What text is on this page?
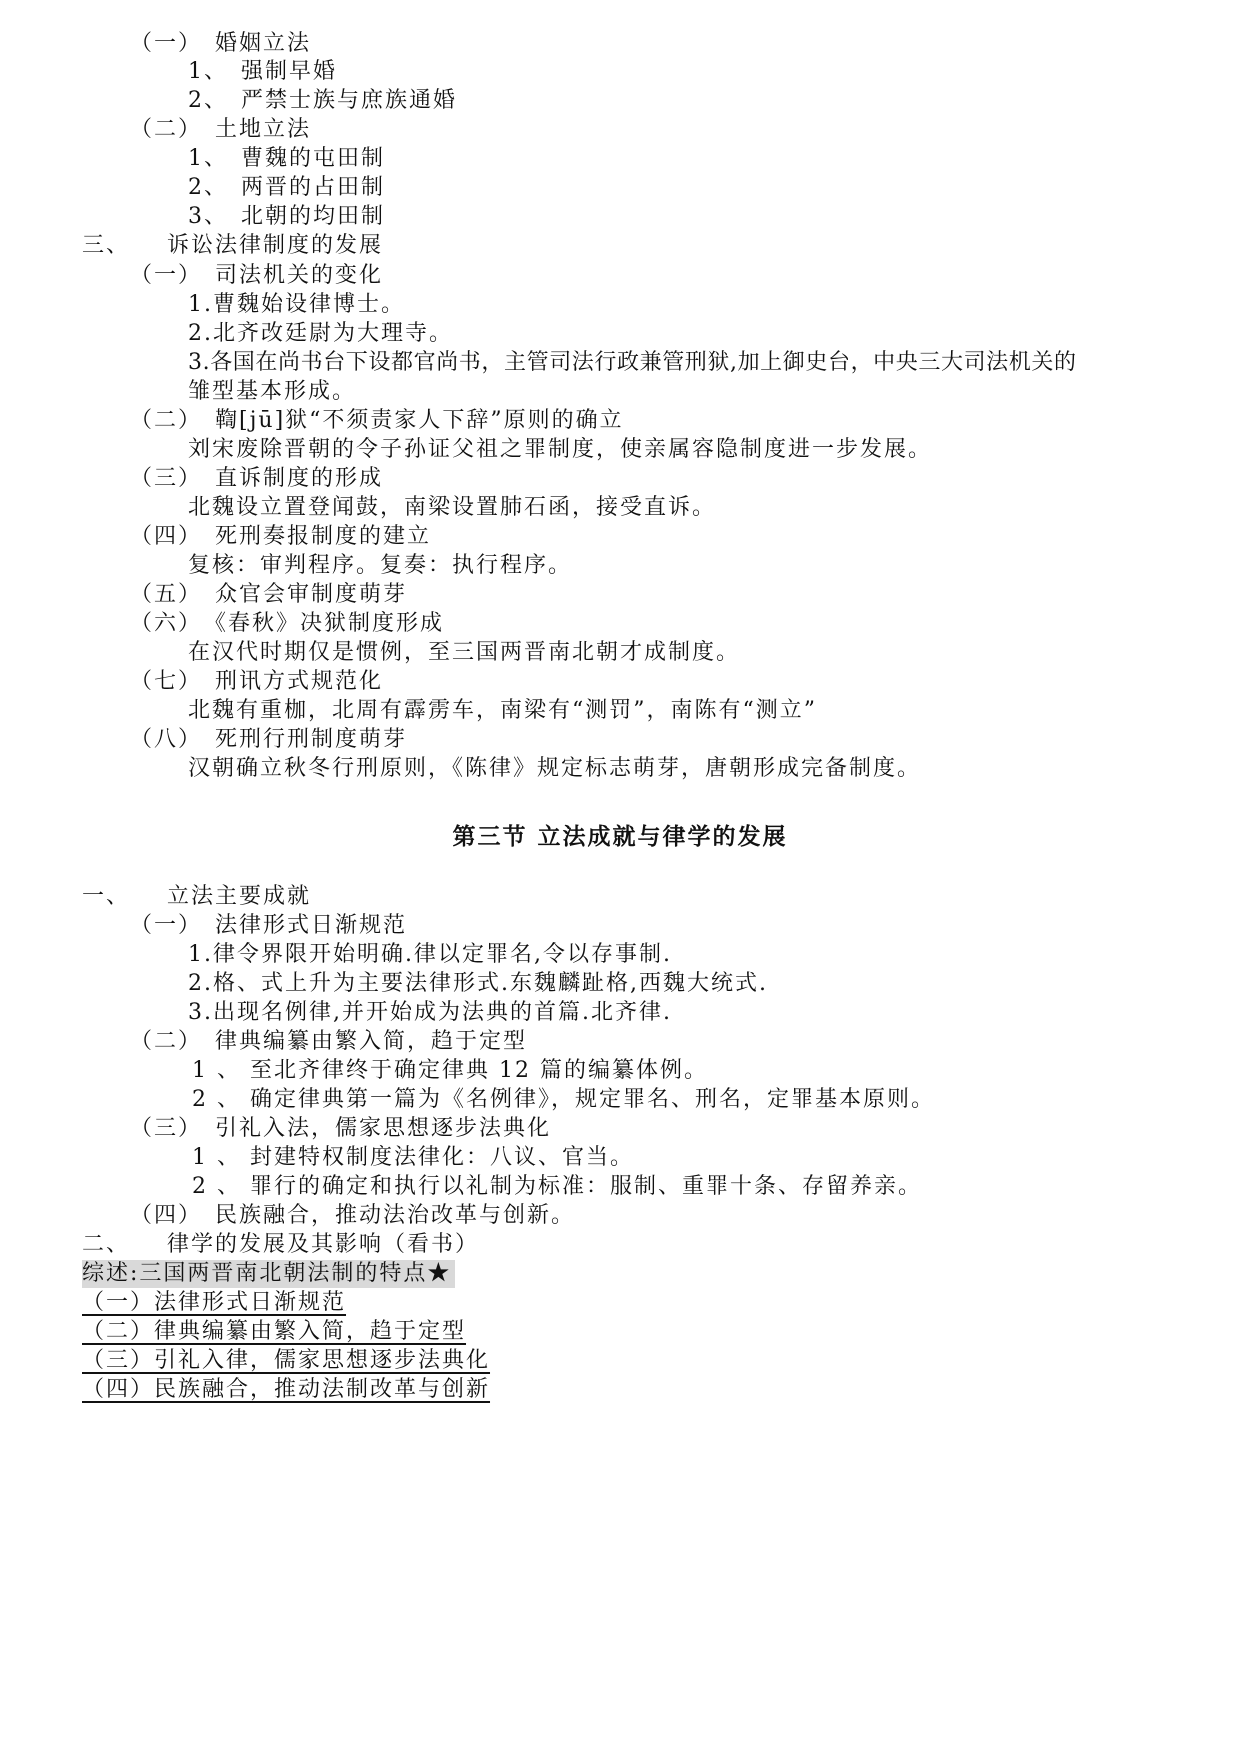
（一）　婚姻立法
1、　强制早婚
2、　严禁士族与庶族通婚
（二）　土地立法
1、　曹魏的屯田制
2、　两晋的占田制
3、　北朝的均田制
三、　　诉讼法律制度的发展
（一）　司法机关的变化
1.曹魏始设律博士。
2.北齐改廷尉为大理寺。
3.各国在尚书台下设都官尚书，主管司法行政兼管刑狱,加上御史台，中央三大司法机关的
雏型基本形成。
（二）　鞫[jū]狱“不须责家人下辞”原则的确立
刘宋废除晋朝的令子孙证父祖之罪制度，使亲属容隐制度进一步发展。
（三）　直诉制度的形成
北魏设立置登闻鼓，南梁设置肺石函，接受直诉。
（四）　死刑奏报制度的建立
复核：审判程序。复奏：执行程序。
（五）　众官会审制度萌芽
（六）　《春秋》决狱制度形成
在汉代时期仅是惯例，至三国两晋南北朝才成制度。
（七）　刑讯方式规范化
北魏有重枷，北周有霹雳车，南梁有“测罚”，南陈有“测立”
（八）　死刑行刑制度萌芽
汉朝确立秋冬行刑原则，《陈律》规定标志萌芽，唐朝形成完备制度。
第三节 立法成就与律学的发展
一、　　立法主要成就
（一）　法律形式日渐规范
1.律令界限开始明确.律以定罪名,令以存事制.
2.格、式上升为主要法律形式.东魏麟趾格,西魏大统式.
3.出现名例律,并开始成为法典的首篇.北齐律.
（二）　律典编纂由繁入简，趋于定型
1 、 至北齐律终于确定律典 12 篇的编纂体例。
2 、 确定律典第一篇为《名例律》，规定罪名、刑名，定罪基本原则。
（三）　引礼入法，儒家思想逐步法典化
1 、 封建特权制度法律化：八议、官当。
2 、 罪行的确定和执行以礼制为标准：服制、重罪十条、存留养亲。
（四）　民族融合，推动法治改革与创新。
二、　　律学的发展及其影响（看书）
综述:三国两晋南北朝法制的特点★
（一）法律形式日渐规范
（二）律典编纂由繁入简，趋于定型
（三）引礼入律，儒家思想逐步法典化
（四）民族融合，推动法制改革与创新
